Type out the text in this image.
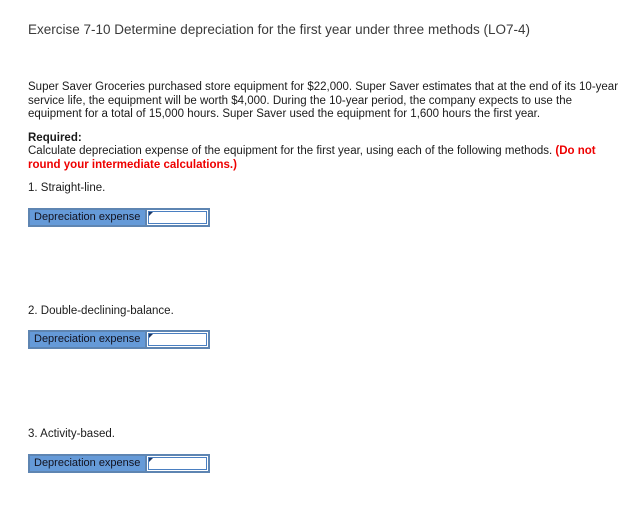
Exercise 7-10 Determine depreciation for the first year under three methods (LO7-4)
Super Saver Groceries purchased store equipment for $22,000. Super Saver estimates that at the end of its 10-year service life, the equipment will be worth $4,000. During the 10-year period, the company expects to use the equipment for a total of 15,000 hours. Super Saver used the equipment for 1,600 hours the first year.
Required:
Calculate depreciation expense of the equipment for the first year, using each of the following methods. (Do not round your intermediate calculations.)
1. Straight-line.
Depreciation expense
2. Double-declining-balance.
Depreciation expense
3. Activity-based.
Depreciation expense
